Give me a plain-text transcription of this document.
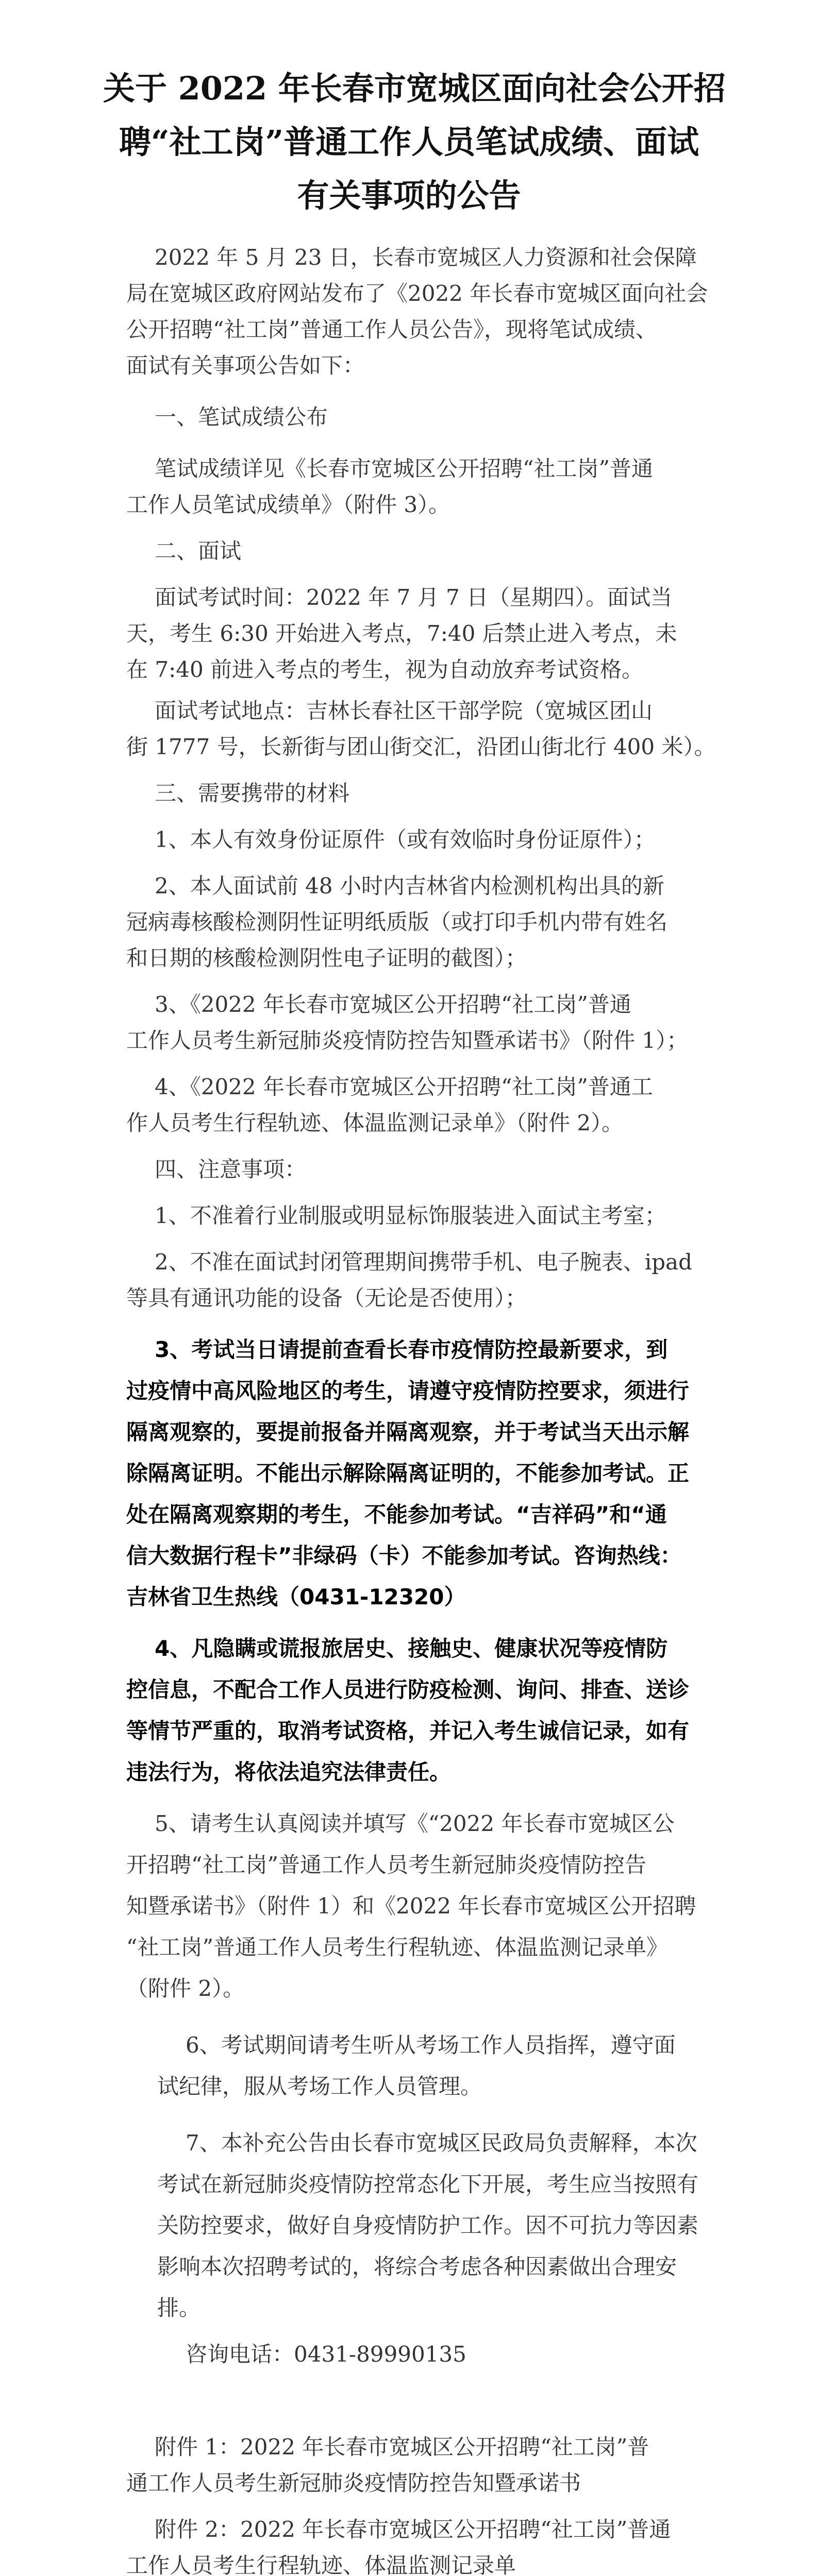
关于 2022 年长春市宽城区面向社会公开招
聘“社工岗”普通工作人员笔试成绩、面试
有关事项的公告
2022 年 5 月 23 日，长春市宽城区人力资源和社会保障
局在宽城区政府网站发布了《2022 年长春市宽城区面向社会
公开招聘“社工岗”普通工作人员公告》，现将笔试成绩、
面试有关事项公告如下：
一、笔试成绩公布
笔试成绩详见《长春市宽城区公开招聘“社工岗”普通
工作人员笔试成绩单》（附件 3）。
二、面试
面试考试时间：2022 年 7 月 7 日（星期四）。面试当
天，考生 6:30 开始进入考点，7:40 后禁止进入考点，未
在 7:40 前进入考点的考生，视为自动放弃考试资格。
面试考试地点：吉林长春社区干部学院（宽城区团山
街 1777 号，长新街与团山街交汇，沿团山街北行 400 米）。
三、需要携带的材料
1、本人有效身份证原件（或有效临时身份证原件）；
2、本人面试前 48 小时内吉林省内检测机构出具的新
冠病毒核酸检测阴性证明纸质版（或打印手机内带有姓名
和日期的核酸检测阴性电子证明的截图）；
3、《2022 年长春市宽城区公开招聘“社工岗”普通
工作人员考生新冠肺炎疫情防控告知暨承诺书》（附件 1）；
4、《2022 年长春市宽城区公开招聘“社工岗”普通工
作人员考生行程轨迹、体温监测记录单》（附件 2）。
四、注意事项：
1、不准着行业制服或明显标饰服装进入面试主考室；
2、不准在面试封闭管理期间携带手机、电子腕表、ipad
等具有通讯功能的设备（无论是否使用）；
3、考试当日请提前查看长春市疫情防控最新要求，到
过疫情中高风险地区的考生，请遵守疫情防控要求，须进行
隔离观察的，要提前报备并隔离观察，并于考试当天出示解
除隔离证明。不能出示解除隔离证明的，不能参加考试。正
处在隔离观察期的考生，不能参加考试。“吉祥码”和“通
信大数据行程卡”非绿码（卡）不能参加考试。咨询热线：
吉林省卫生热线（0431-12320）
4、凡隐瞒或谎报旅居史、接触史、健康状况等疫情防
控信息，不配合工作人员进行防疫检测、询问、排查、送诊
等情节严重的，取消考试资格，并记入考生诚信记录，如有
违法行为，将依法追究法律责任。
5、请考生认真阅读并填写《“2022 年长春市宽城区公
开招聘“社工岗”普通工作人员考生新冠肺炎疫情防控告
知暨承诺书》（附件 1）和《2022 年长春市宽城区公开招聘
“社工岗”普通工作人员考生行程轨迹、体温监测记录单》
（附件 2）。
6、考试期间请考生听从考场工作人员指挥，遵守面
试纪律，服从考场工作人员管理。
7、本补充公告由长春市宽城区民政局负责解释，本次
考试在新冠肺炎疫情防控常态化下开展，考生应当按照有
关防控要求，做好自身疫情防护工作。因不可抗力等因素
影响本次招聘考试的，将综合考虑各种因素做出合理安
排。
咨询电话：0431-89990135
附件 1：2022 年长春市宽城区公开招聘“社工岗”普
通工作人员考生新冠肺炎疫情防控告知暨承诺书
附件 2：2022 年长春市宽城区公开招聘“社工岗”普通
工作人员考生行程轨迹、体温监测记录单
